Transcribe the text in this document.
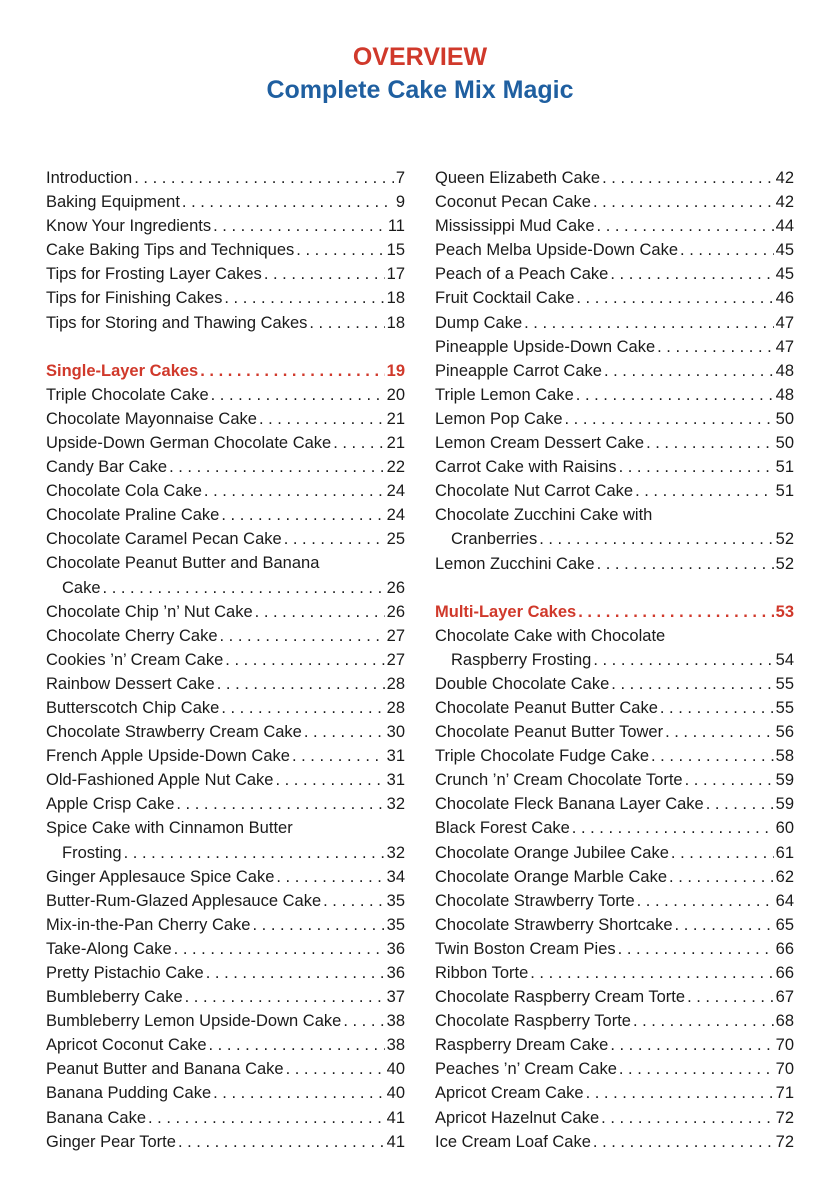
OVERVIEW
Complete Cake Mix Magic
Introduction . . .	7
Baking Equipment . . .	9
Know Your Ingredients . . .	11
Cake Baking Tips and Techniques . . .	15
Tips for Frosting Layer Cakes . . .	17
Tips for Finishing Cakes . . .	18
Tips for Storing and Thawing Cakes . . .	18
Single-Layer Cakes . . .	19
Triple Chocolate Cake . . .	20
Chocolate Mayonnaise Cake . . .	21
Upside-Down German Chocolate Cake . . .	21
Candy Bar Cake . . .	22
Chocolate Cola Cake . . .	24
Chocolate Praline Cake . . .	24
Chocolate Caramel Pecan Cake . . .	25
Chocolate Peanut Butter and Banana
Cake . . .	26
Chocolate Chip ’n’ Nut Cake . . .	26
Chocolate Cherry Cake . . .	27
Cookies ’n’ Cream Cake . . .	27
Rainbow Dessert Cake . . .	28
Butterscotch Chip Cake . . .	28
Chocolate Strawberry Cream Cake . . .	30
French Apple Upside-Down Cake . . .	31
Old-Fashioned Apple Nut Cake . . .	31
Apple Crisp Cake . . .	32
Spice Cake with Cinnamon Butter
Frosting . . .	32
Ginger Applesauce Spice Cake . . .	34
Butter-Rum-Glazed Applesauce Cake . . .	35
Mix-in-the-Pan Cherry Cake . . .	35
Take-Along Cake . . .	36
Pretty Pistachio Cake . . .	36
Bumbleberry Cake . . .	37
Bumbleberry Lemon Upside-Down Cake . . .	38
Apricot Coconut Cake . . .	38
Peanut Butter and Banana Cake . . .	40
Banana Pudding Cake . . .	40
Banana Cake . . .	41
Ginger Pear Torte . . .	41
Queen Elizabeth Cake . . .	42
Coconut Pecan Cake . . .	42
Mississippi Mud Cake . . .	44
Peach Melba Upside-Down Cake . . .	45
Peach of a Peach Cake . . .	45
Fruit Cocktail Cake . . .	46
Dump Cake . . .	47
Pineapple Upside-Down Cake . . .	47
Pineapple Carrot Cake . . .	48
Triple Lemon Cake . . .	48
Lemon Pop Cake . . .	50
Lemon Cream Dessert Cake . . .	50
Carrot Cake with Raisins . . .	51
Chocolate Nut Carrot Cake . . .	51
Chocolate Zucchini Cake with
Cranberries . . .	52
Lemon Zucchini Cake . . .	52
Multi-Layer Cakes . . .	53
Chocolate Cake with Chocolate
Raspberry Frosting . . .	54
Double Chocolate Cake . . .	55
Chocolate Peanut Butter Cake . . .	55
Chocolate Peanut Butter Tower . . .	56
Triple Chocolate Fudge Cake . . .	58
Crunch ’n’ Cream Chocolate Torte . . .	59
Chocolate Fleck Banana Layer Cake . . .	59
Black Forest Cake . . .	60
Chocolate Orange Jubilee Cake . . .	61
Chocolate Orange Marble Cake . . .	62
Chocolate Strawberry Torte . . .	64
Chocolate Strawberry Shortcake . . .	65
Twin Boston Cream Pies . . .	66
Ribbon Torte . . .	66
Chocolate Raspberry Cream Torte . . .	67
Chocolate Raspberry Torte . . .	68
Raspberry Dream Cake . . .	70
Peaches ’n’ Cream Cake . . .	70
Apricot Cream Cake . . .	71
Apricot Hazelnut Cake . . .	72
Ice Cream Loaf Cake . . .	72
